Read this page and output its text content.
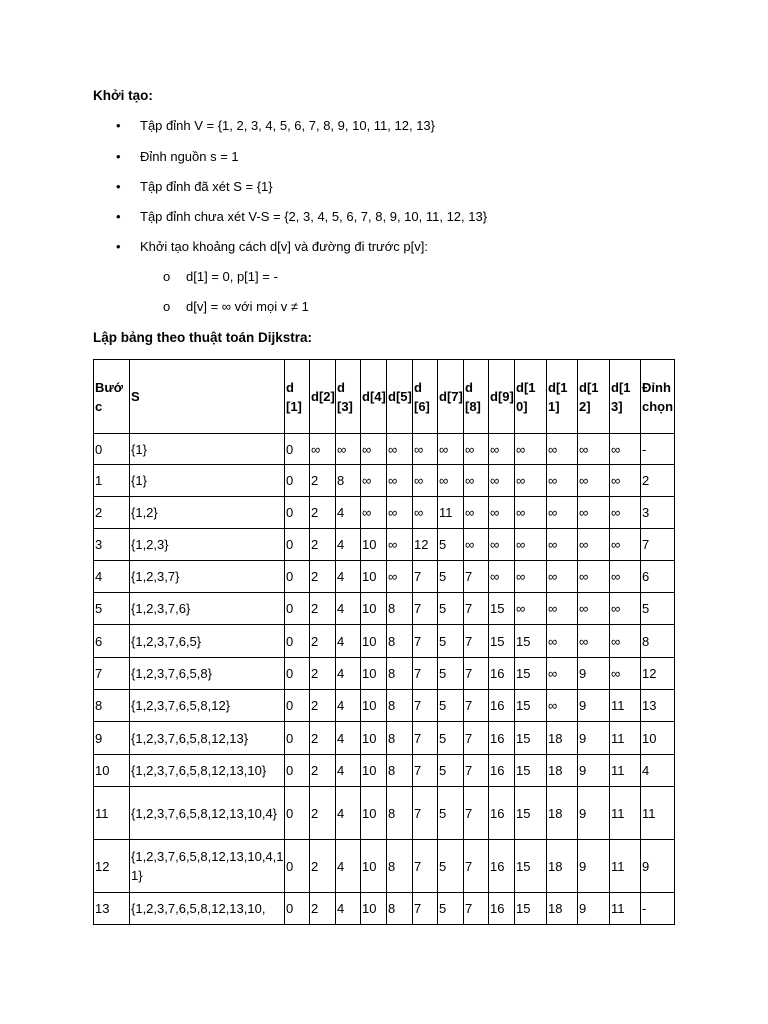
Khởi tạo:
• Tập đỉnh V = {1, 2, 3, 4, 5, 6, 7, 8, 9, 10, 11, 12, 13}
• Đỉnh nguồn s = 1
• Tập đỉnh đã xét S = {1}
• Tập đỉnh chưa xét V-S = {2, 3, 4, 5, 6, 7, 8, 9, 10, 11, 12, 13}
• Khởi tạo khoảng cách d[v] và đường đi trước p[v]:
o d[1] = 0, p[1] = -
o d[v] = ∞ với mọi v ≠ 1
Lập bảng theo thuật toán Dijkstra:
Bước	S	d[1]	d[2]	d[3]	d[4]	d[5]	d[6]	d[7]	d[8]	d[9]	d[10]	d[11]	d[12]	d[13]	Đỉnh chọn
0	{1}	0	∞	∞	∞	∞	∞	∞	∞	∞	∞	∞	∞	∞	-
1	{1}	0	2	8	∞	∞	∞	∞	∞	∞	∞	∞	∞	∞	2
2	{1,2}	0	2	4	∞	∞	∞	11	∞	∞	∞	∞	∞	∞	3
3	{1,2,3}	0	2	4	10	∞	12	5	∞	∞	∞	∞	∞	∞	7
4	{1,2,3,7}	0	2	4	10	∞	7	5	7	∞	∞	∞	∞	∞	6
5	{1,2,3,7,6}	0	2	4	10	8	7	5	7	15	∞	∞	∞	∞	5
6	{1,2,3,7,6,5}	0	2	4	10	8	7	5	7	15	15	∞	∞	∞	8
7	{1,2,3,7,6,5,8}	0	2	4	10	8	7	5	7	16	15	∞	9	∞	12
8	{1,2,3,7,6,5,8,12}	0	2	4	10	8	7	5	7	16	15	∞	9	11	13
9	{1,2,3,7,6,5,8,12,13}	0	2	4	10	8	7	5	7	16	15	18	9	11	10
10	{1,2,3,7,6,5,8,12,13,10}	0	2	4	10	8	7	5	7	16	15	18	9	11	4
11	{1,2,3,7,6,5,8,12,13,10,4}	0	2	4	10	8	7	5	7	16	15	18	9	11	11
12	{1,2,3,7,6,5,8,12,13,10,4,11}	0	2	4	10	8	7	5	7	16	15	18	9	11	9
13	{1,2,3,7,6,5,8,12,13,10,	0	2	4	10	8	7	5	7	16	15	18	9	11	-
